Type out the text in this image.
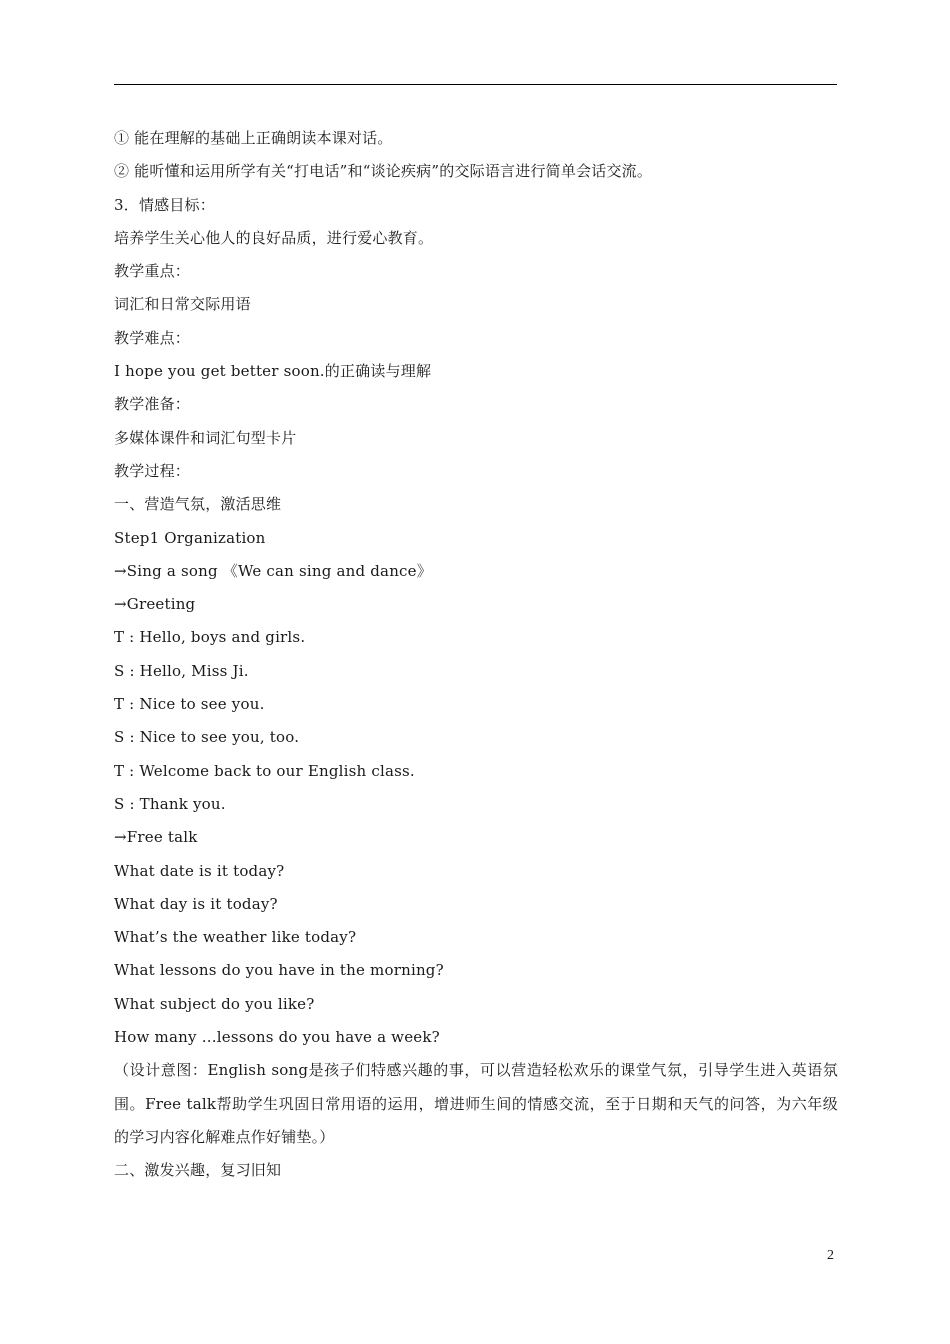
① 能在理解的基础上正确朗读本课对话。
② 能听懂和运用所学有关“打电话”和“谈论疾病”的交际语言进行简单会话交流。
3．情感目标：
培养学生关心他人的良好品质，进行爱心教育。
教学重点：
词汇和日常交际用语
教学难点：
I hope you get better soon.的正确读与理解
教学准备：
多媒体课件和词汇句型卡片
教学过程：
一、营造气氛，激活思维
Step1 Organization
→Sing a song 《We can sing and dance》
→Greeting
T : Hello, boys and girls.
S : Hello, Miss Ji.
T : Nice to see you.
S : Nice to see you, too.
T : Welcome back to our English class.
S : Thank you.
→Free talk
What date is it today?
What day is it today?
What’s the weather like today?
What lessons do you have in the morning?
What subject do you like?
How many …lessons do you have a week?
（设计意图：English song是孩子们特感兴趣的事，可以营造轻松欢乐的课堂气氛，引导学生进入英语氛围。Free talk帮助学生巩固日常用语的运用，增进师生间的情感交流，至于日期和天气的问答，为六年级的学习内容化解难点作好铺垫。）
二、激发兴趣，复习旧知
2
